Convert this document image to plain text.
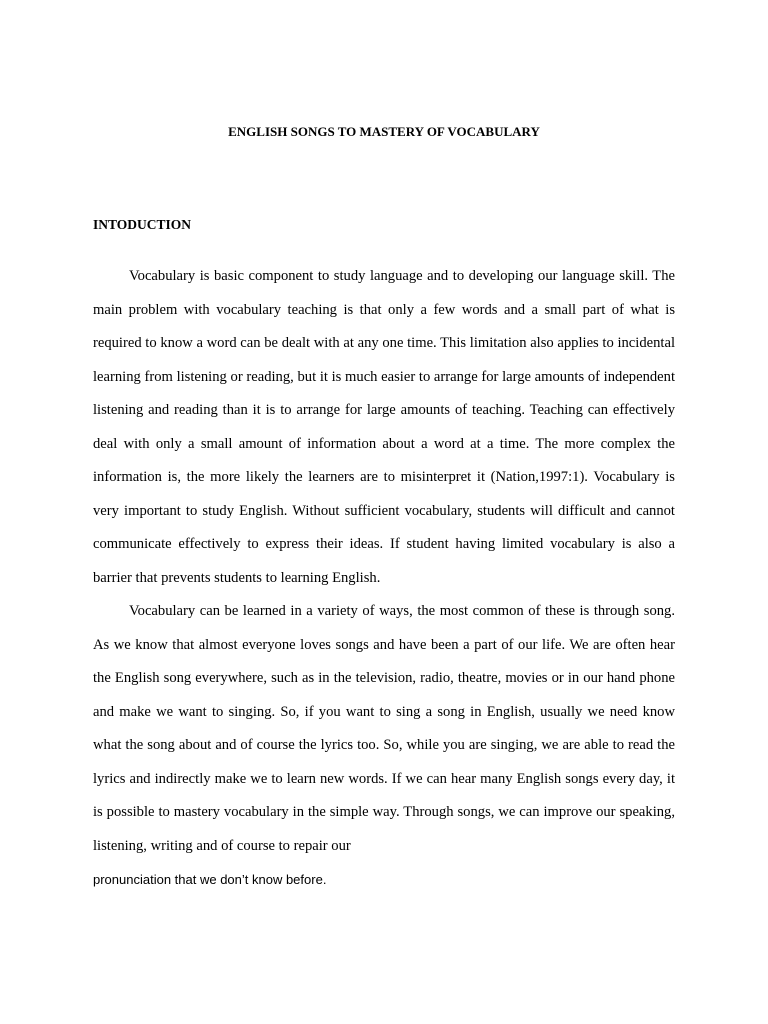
ENGLISH SONGS TO MASTERY OF VOCABULARY
INTODUCTION

Vocabulary is basic component to study language and to developing our language skill. The main problem with vocabulary teaching is that only a few words and a small part of what is required to know a word can be dealt with at any one time. This limitation also applies to incidental learning from listening or reading, but it is much easier to arrange for large amounts of independent listening and reading than it is to arrange for large amounts of teaching. Teaching can effectively deal with only a small amount of information about a word at a time. The more complex the information is, the more likely the learners are to misinterpret it (Nation,1997:1). Vocabulary is very important to study English. Without sufficient vocabulary, students will difficult and cannot communicate effectively to express their ideas. If student having limited vocabulary is also a barrier that prevents students to learning English.

Vocabulary can be learned in a variety of ways, the most common of these is through song. As we know that almost everyone loves songs and have been a part of our life. We are often hear the English song everywhere, such as in the television, radio, theatre, movies or in our hand phone and make we want to singing. So, if you want to sing a song in English, usually we need know what the song about and of course the lyrics too. So, while you are singing, we are able to read the lyrics and indirectly make we to learn new words. If we can hear many English songs every day, it is possible to mastery vocabulary in the simple way. Through songs, we can improve our speaking, listening, writing and of course to repair our

pronunciation that we don’t know before.
